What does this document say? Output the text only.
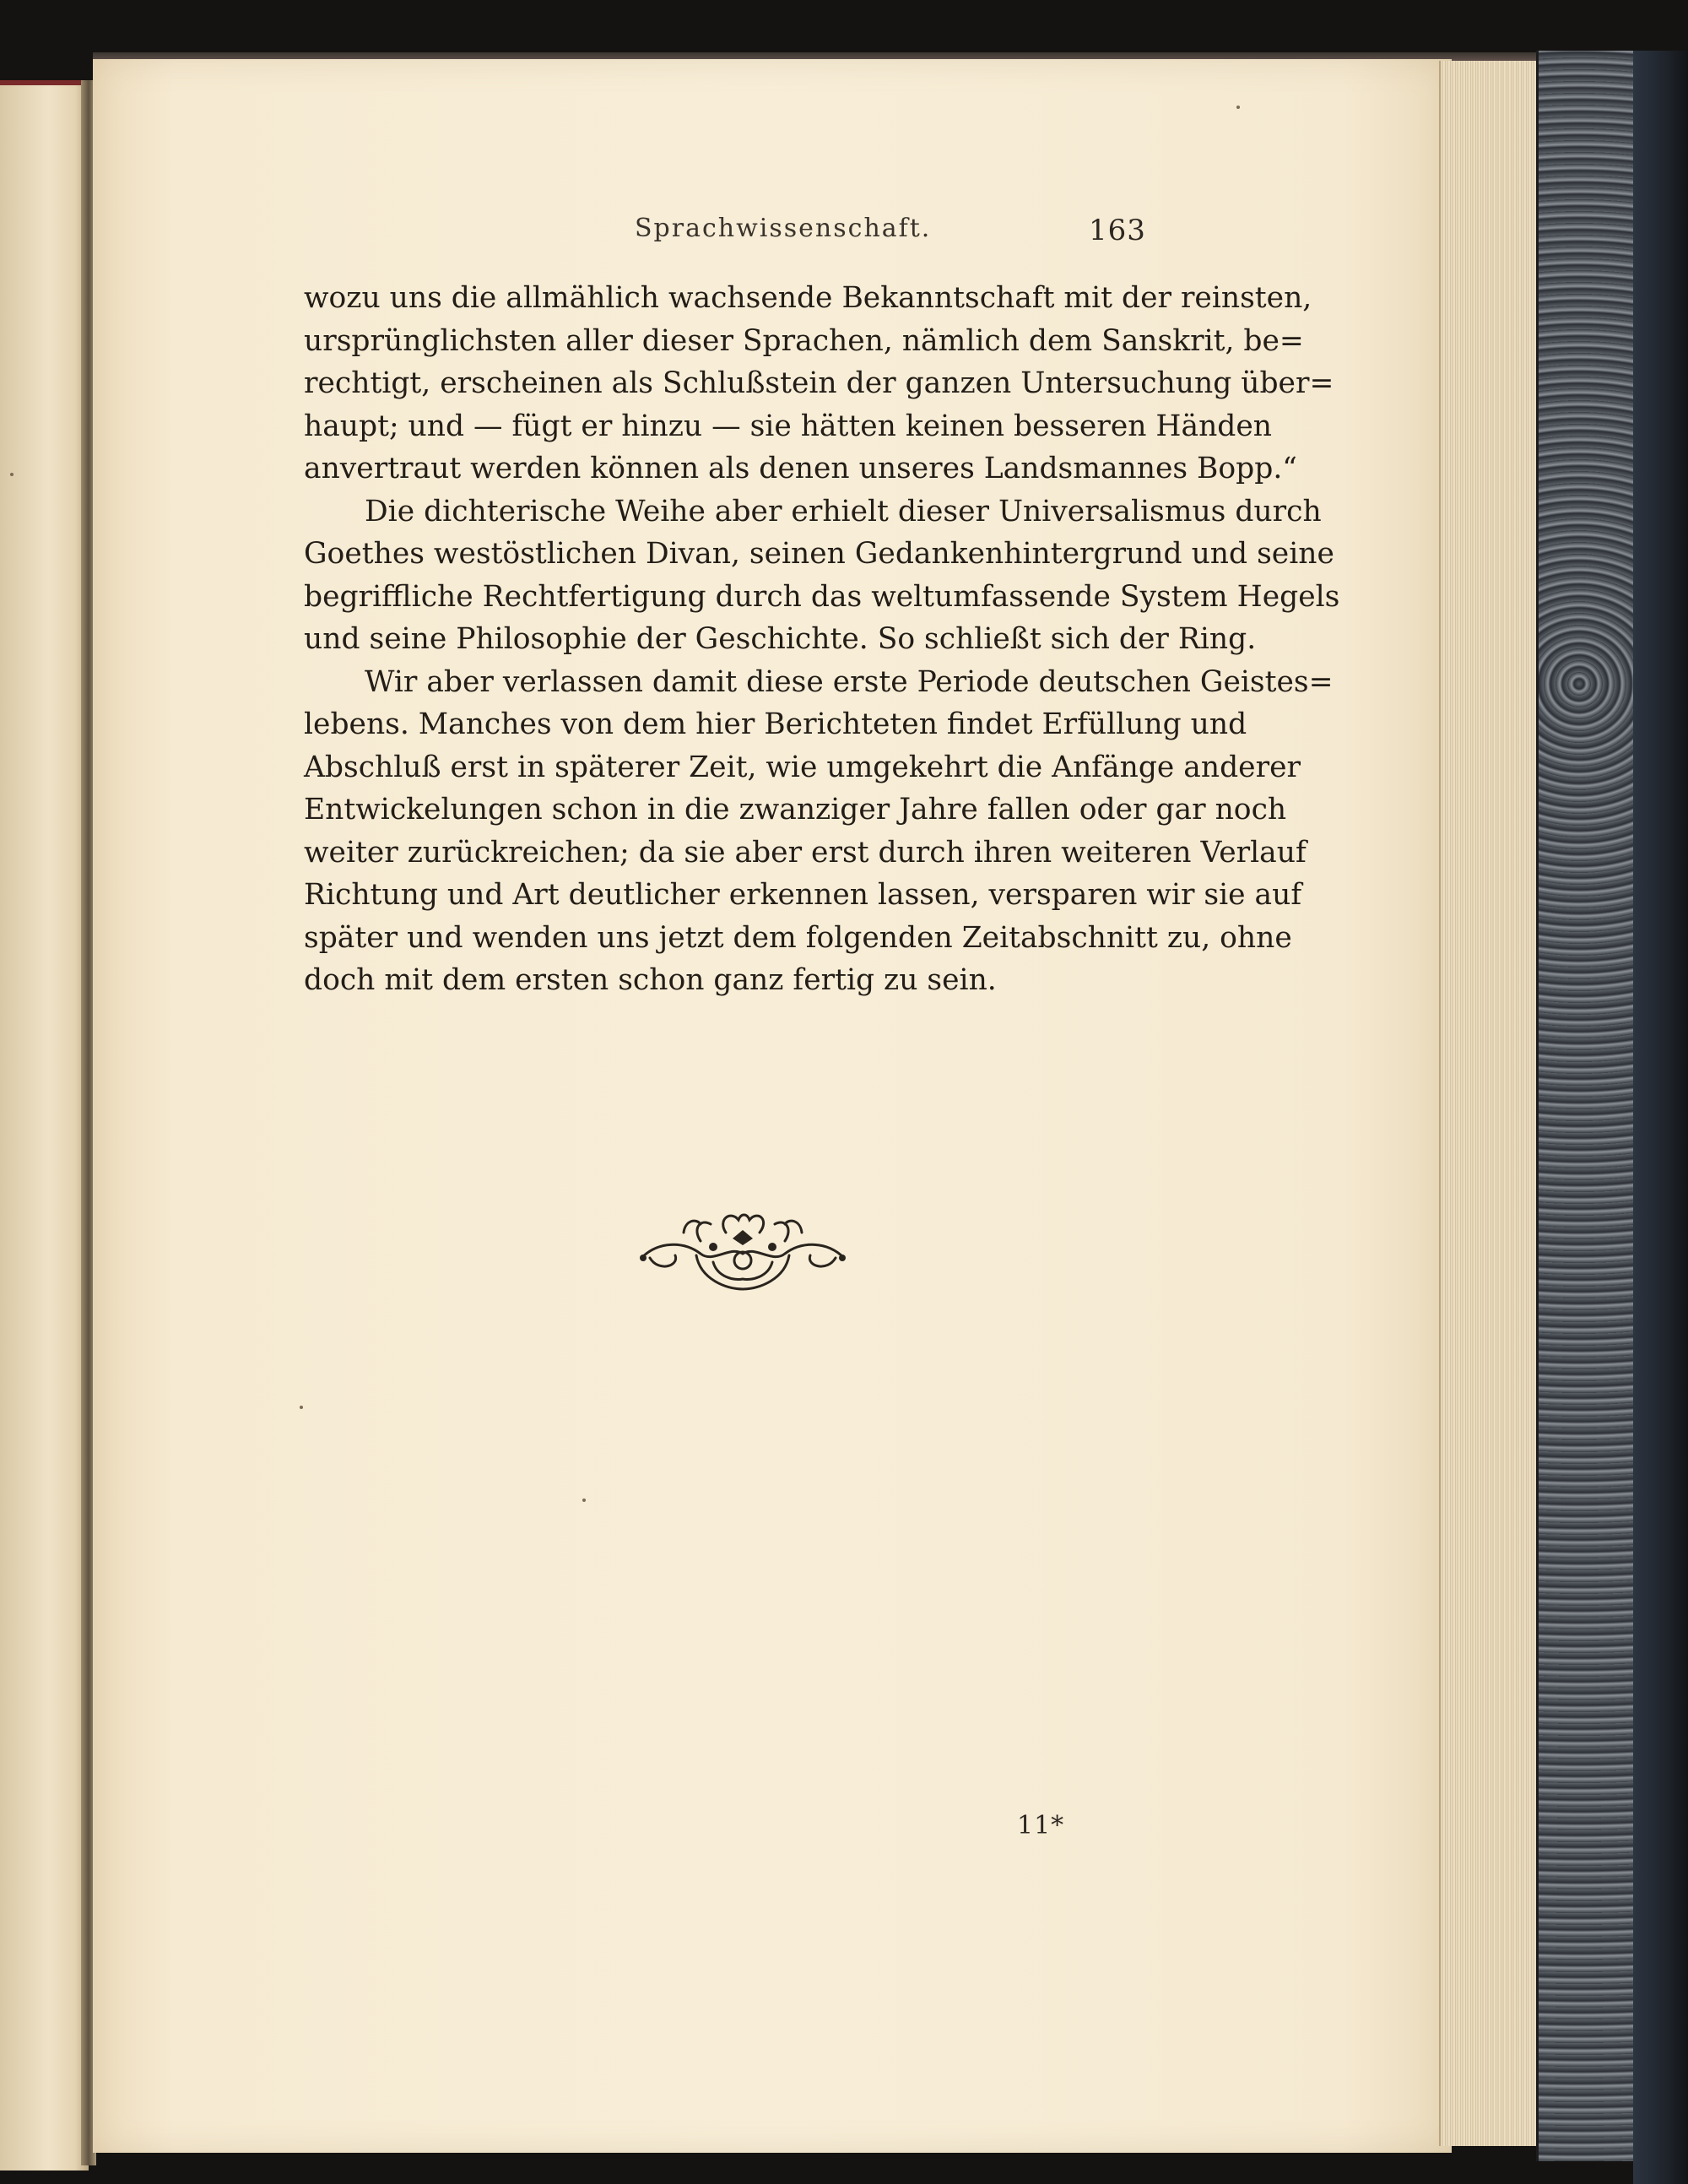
Sprachwissenschaft.	163
wozu uns die allmählich wachsende Bekanntschaft mit der reinsten,
ursprünglichsten aller dieser Sprachen, nämlich dem Sanskrit, be=
rechtigt, erscheinen als Schlußstein der ganzen Untersuchung über=
haupt; und — fügt er hinzu — sie hätten keinen besseren Händen
anvertraut werden können als denen unseres Landsmannes Bopp.“
Die dichterische Weihe aber erhielt dieser Universalismus durch
Goethes westöstlichen Divan, seinen Gedankenhintergrund und seine
begriffliche Rechtfertigung durch das weltumfassende System Hegels
und seine Philosophie der Geschichte. So schließt sich der Ring.
Wir aber verlassen damit diese erste Periode deutschen Geistes=
lebens. Manches von dem hier Berichteten findet Erfüllung und
Abschluß erst in späterer Zeit, wie umgekehrt die Anfänge anderer
Entwickelungen schon in die zwanziger Jahre fallen oder gar noch
weiter zurückreichen; da sie aber erst durch ihren weiteren Verlauf
Richtung und Art deutlicher erkennen lassen, versparen wir sie auf
später und wenden uns jetzt dem folgenden Zeitabschnitt zu, ohne
doch mit dem ersten schon ganz fertig zu sein.
11*
